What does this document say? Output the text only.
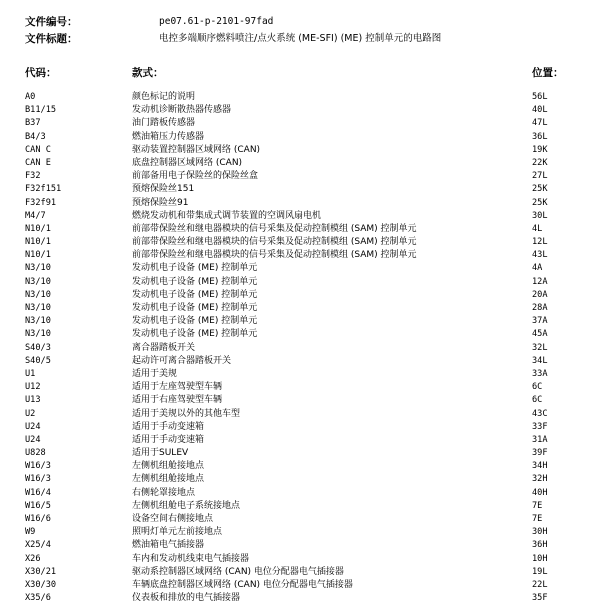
文件编号：	pe07.61-p-2101-97fad
文件标题：	电控多端顺序燃料喷注/点火系统 (ME-SFI) (ME) 控制单元的电路图
代码：	款式：	位置：
A0	颜色标记的说明	56L
B11/15	发动机诊断散热器传感器	40L
B37	油门踏板传感器	47L
B4/3	燃油箱压力传感器	36L
CAN C	驱动装置控制器区域网络 (CAN)	19K
CAN E	底盘控制器区域网络 (CAN)	22K
F32	前部备用电子保险丝的保险丝盒	27L
F32f151	预熔保险丝151	25K
F32f91	预熔保险丝91	25K
M4/7	燃烧发动机和带集成式调节装置的空调风扇电机	30L
N10/1	前部带保险丝和继电器模块的信号采集及促动控制模组 (SAM) 控制单元	4L
N10/1	前部带保险丝和继电器模块的信号采集及促动控制模组 (SAM) 控制单元	12L
N10/1	前部带保险丝和继电器模块的信号采集及促动控制模组 (SAM) 控制单元	43L
N3/10	发动机电子设备 (ME) 控制单元	4A
N3/10	发动机电子设备 (ME) 控制单元	12A
N3/10	发动机电子设备 (ME) 控制单元	20A
N3/10	发动机电子设备 (ME) 控制单元	28A
N3/10	发动机电子设备 (ME) 控制单元	37A
N3/10	发动机电子设备 (ME) 控制单元	45A
S40/3	离合器踏板开关	32L
S40/5	起动许可离合器踏板开关	34L
U1	适用于美规	33A
U12	适用于左座驾驶型车辆	6C
U13	适用于右座驾驶型车辆	6C
U2	适用于美规以外的其他车型	43C
U24	适用于手动变速箱	33F
U24	适用于手动变速箱	31A
U828	适用于SULEV	39F
W16/3	左侧机组舱接地点	34H
W16/3	左侧机组舱接地点	32H
W16/4	右侧轮罩接地点	40H
W16/5	左侧机组舱电子系统接地点	7E
W16/6	设备空间右侧接地点	7E
W9	照明灯单元左前接地点	30H
X25/4	燃油箱电气插接器	36H
X26	车内和发动机线束电气插接器	10H
X30/21	驱动系控制器区域网络 (CAN) 电位分配器电气插接器	19L
X30/30	车辆底盘控制器区域网络 (CAN) 电位分配器电气插接器	22L
X35/6	仪表板和排放的电气插接器	35F
